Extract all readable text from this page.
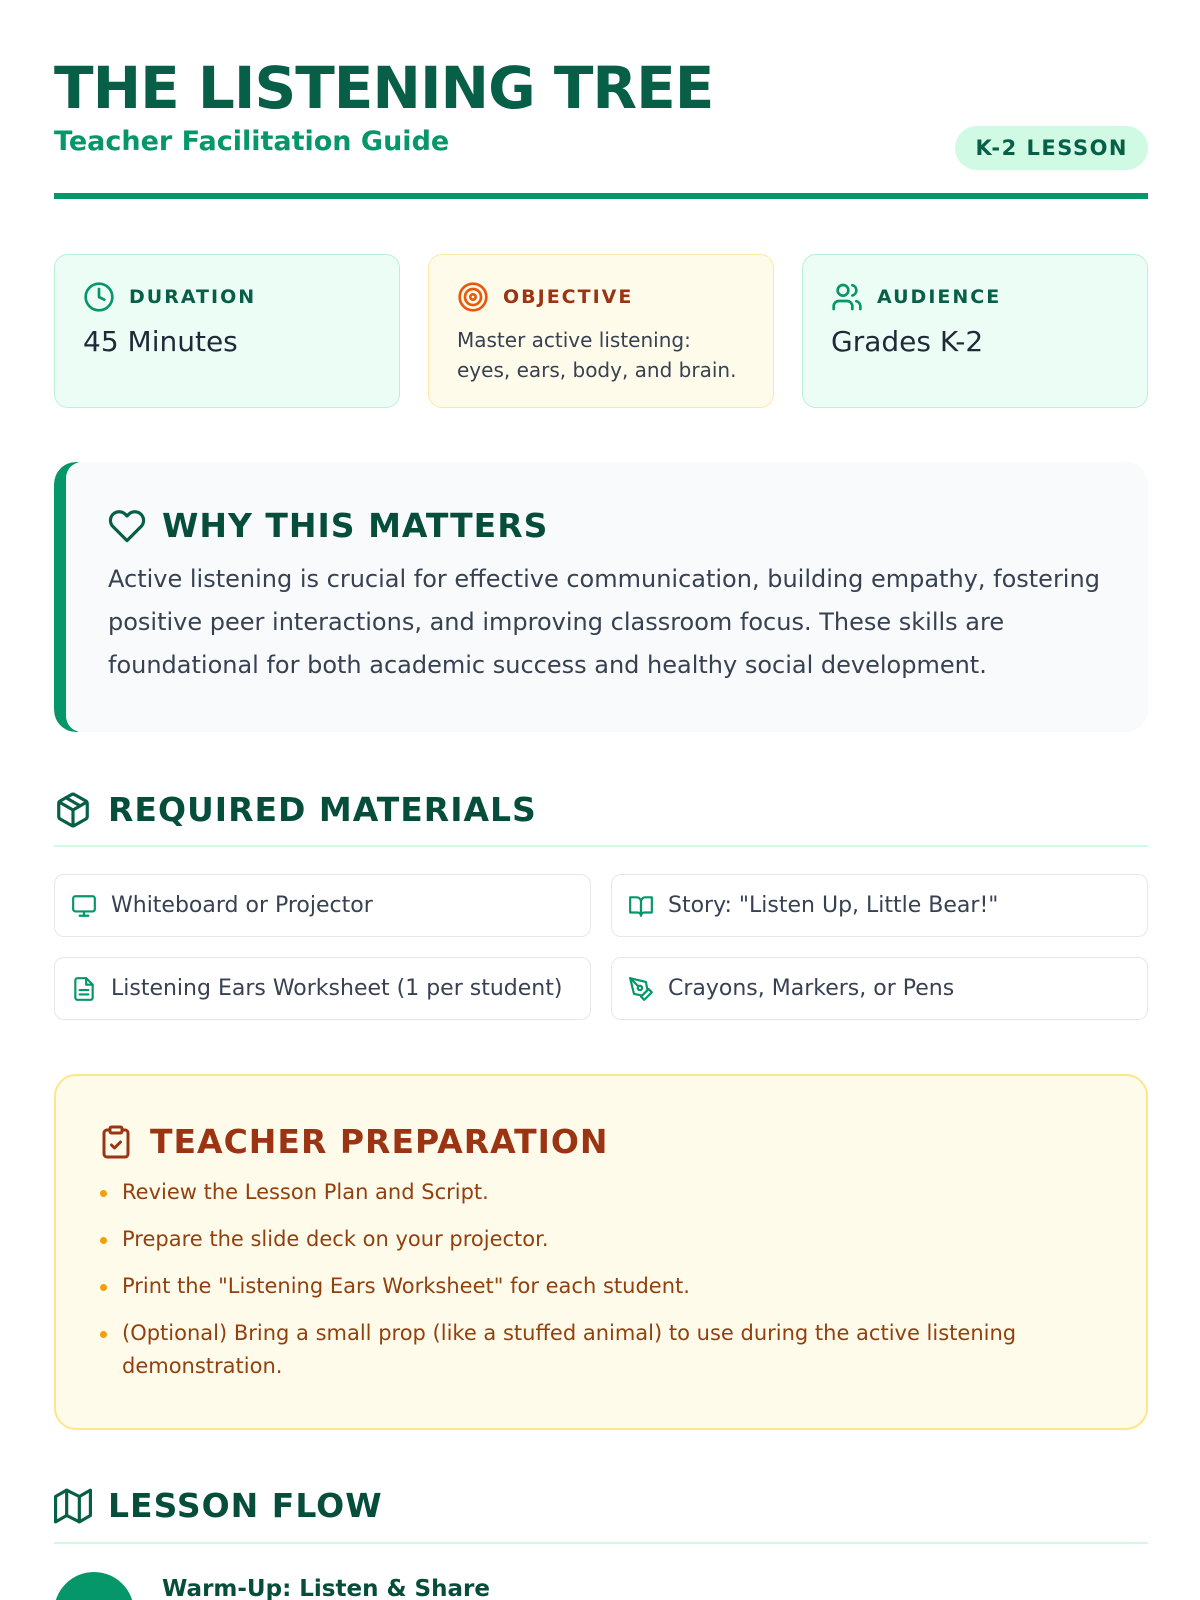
THE LISTENING TREE
Teacher Facilitation Guide	K-2 LESSON
DURATION
45 Minutes
OBJECTIVE
Master active listening: eyes, ears, body, and brain.
AUDIENCE
Grades K-2
WHY THIS MATTERS

Active listening is crucial for effective communication, building empathy, fostering positive peer interactions, and improving classroom focus. These skills are foundational for both academic success and healthy social development.

REQUIRED MATERIALS
Whiteboard or Projector	Story: "Listen Up, Little Bear!"
Listening Ears Worksheet (1 per student)	Crayons, Markers, or Pens
TEACHER PREPARATION
Review the Lesson Plan and Script.
Prepare the slide deck on your projector.
Print the "Listening Ears Worksheet" for each student.
(Optional) Bring a small prop (like a stuffed animal) to use during the active listening demonstration.
LESSON FLOW
Warm-Up: Listen & Share
